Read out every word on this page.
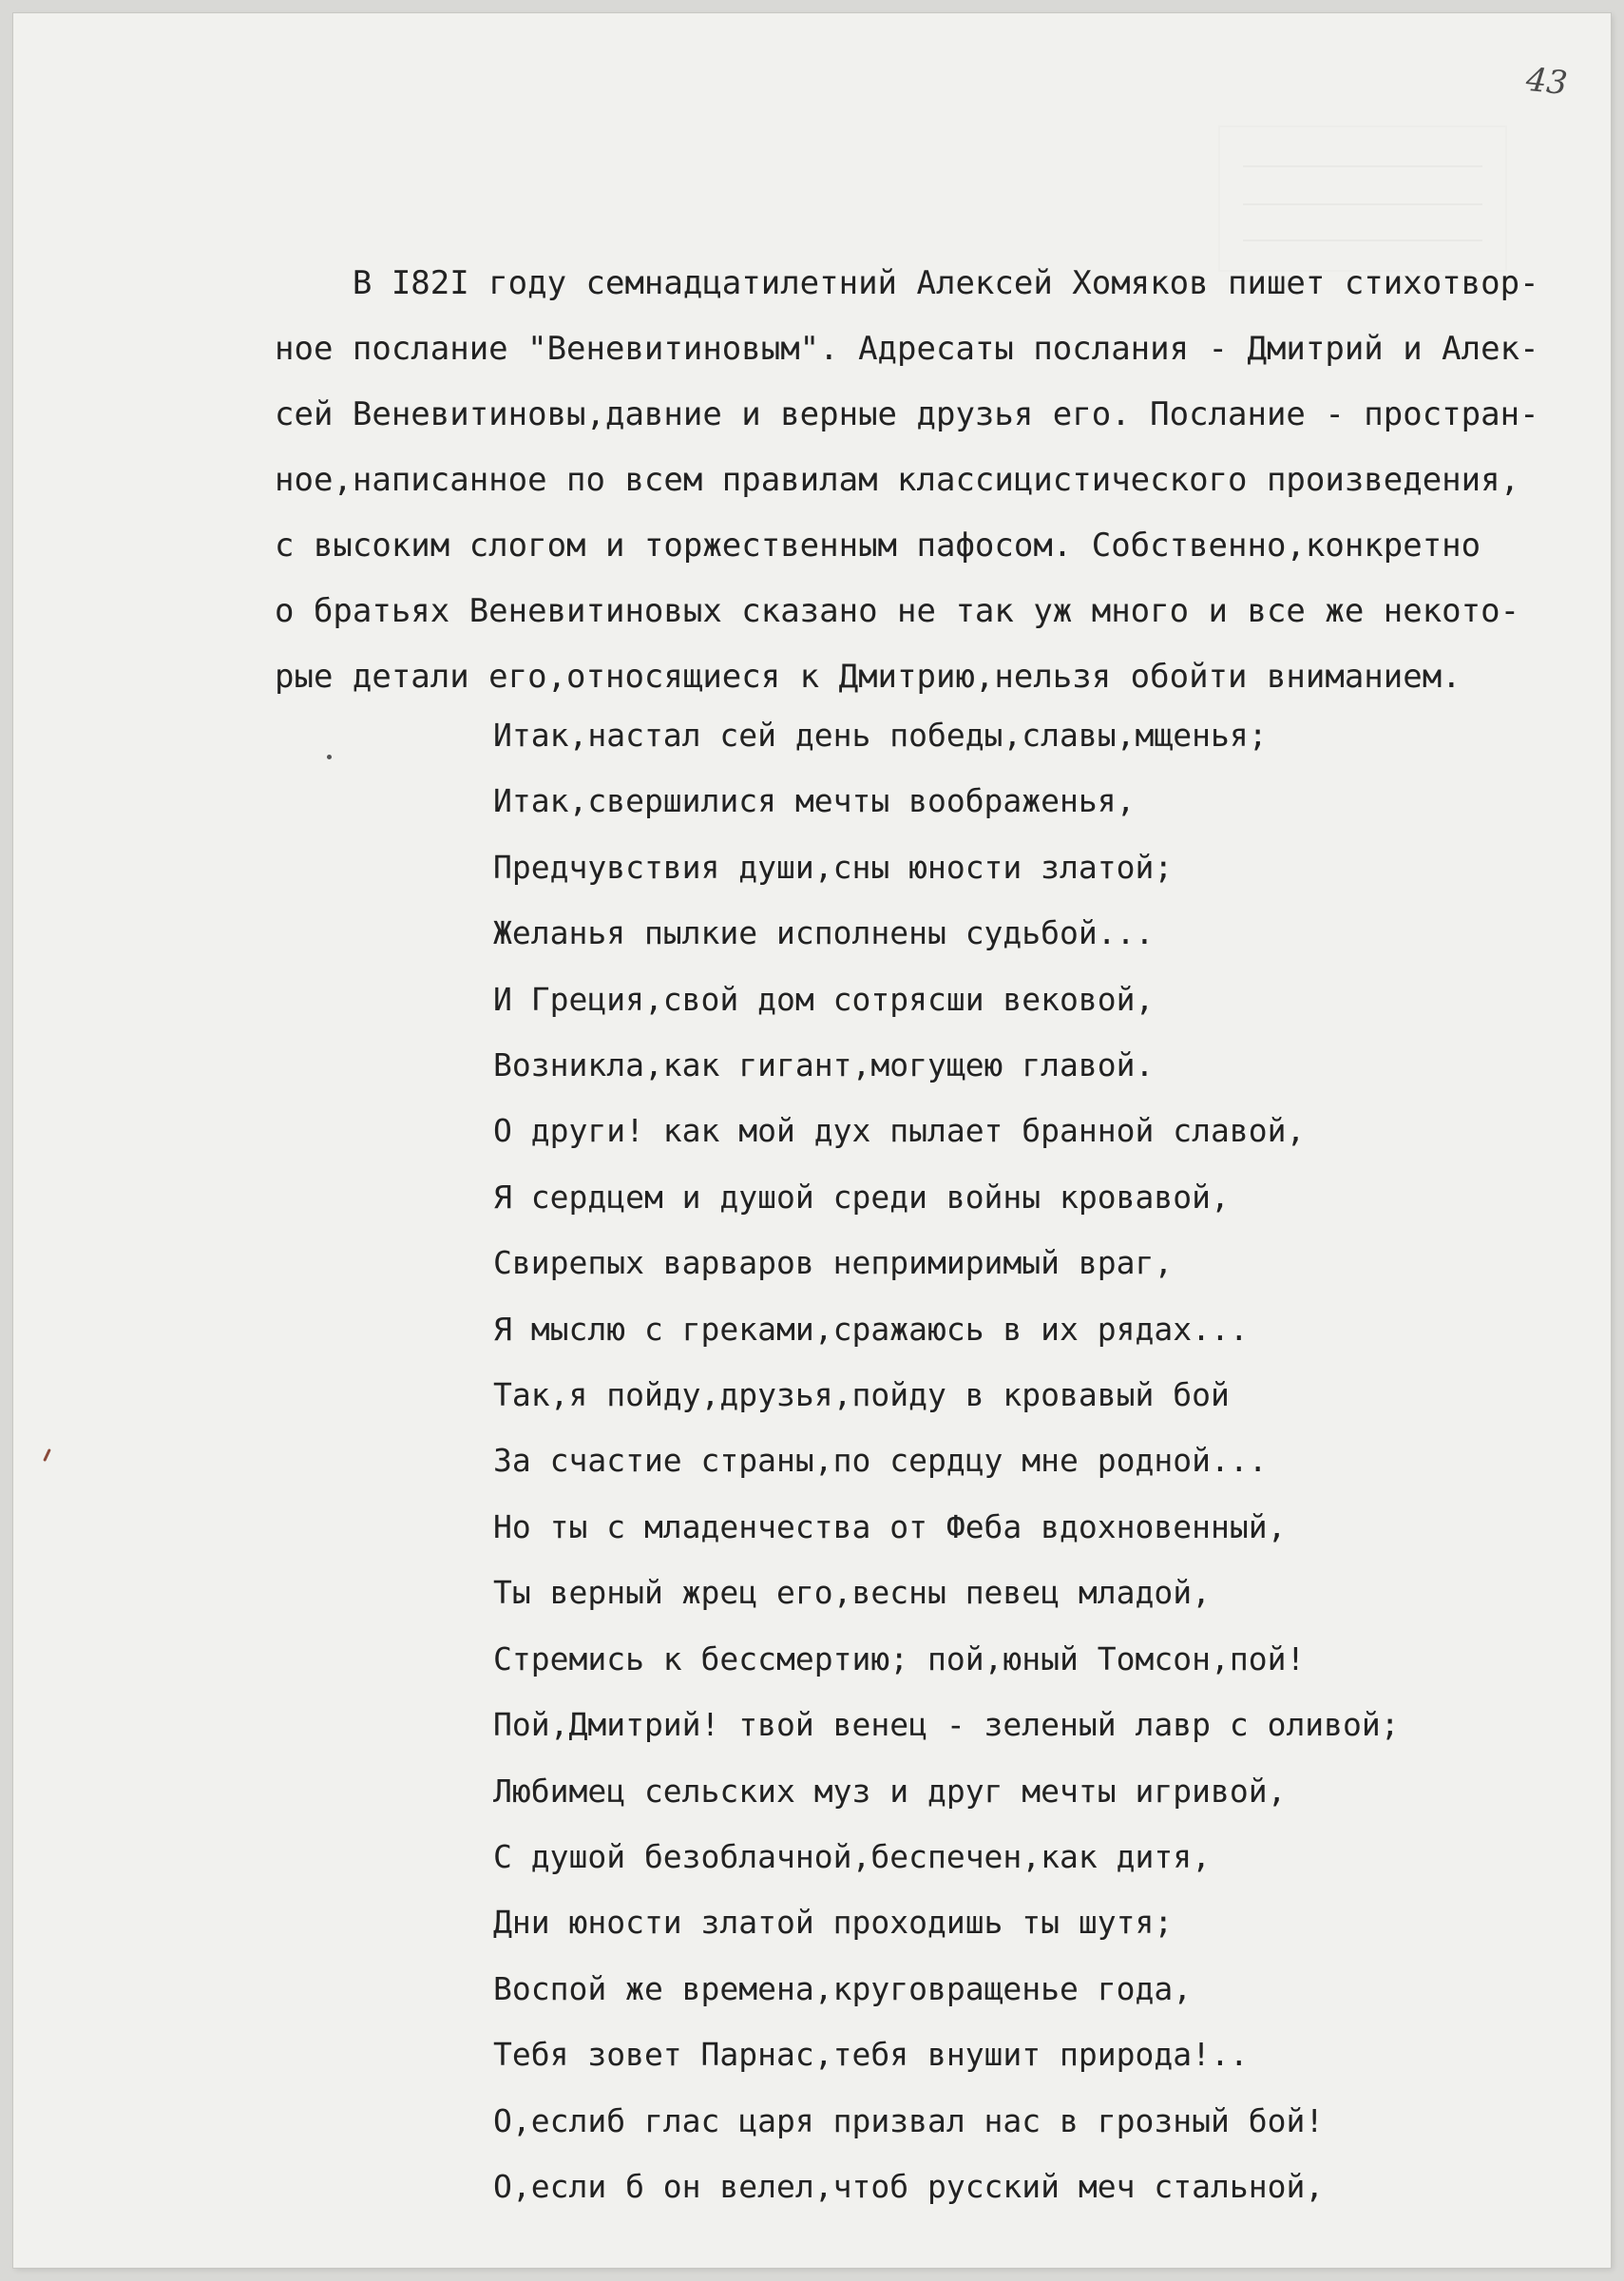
43
В I82I году семнадцатилетний Алексей Хомяков пишет стихотвор-
ное послание "Веневитиновым". Адресаты послания - Дмитрий и Алек-
сей Веневитиновы,давние и верные друзья его. Послание - простран-
ное,написанное по всем правилам классицистического произведения,
с высоким слогом и торжественным пафосом. Собственно,конкретно
о братьях Веневитиновых сказано не так уж много и все же некото-
рые детали его,относящиеся к Дмитрию,нельзя обойти вниманием.
Итак,настал сей день победы,славы,мщенья;
Итак,свершилися мечты воображенья,
Предчувствия души,сны юности златой;
Желанья пылкие исполнены судьбой...
И Греция,свой дом сотрясши вековой,
Возникла,как гигант,могущею главой.
О други! как мой дух пылает бранной славой,
Я сердцем и душой среди войны кровавой,
Свирепых варваров непримиримый враг,
Я мыслю с греками,сражаюсь в их рядах...
Так,я пойду,друзья,пойду в кровавый бой
За счастие страны,по сердцу мне родной...
Но ты с младенчества от Феба вдохновенный,
Ты верный жрец его,весны певец младой,
Стремись к бессмертию; пой,юный Томсон,пой!
Пой,Дмитрий! твой венец - зеленый лавр с оливой;
Любимец сельских муз и друг мечты игривой,
С душой безоблачной,беспечен,как дитя,
Дни юности златой проходишь ты шутя;
Воспой же времена,круговращенье года,
Тебя зовет Парнас,тебя внушит природа!..
О,еслиб глас царя призвал нас в грозный бой!
О,если б он велел,чтоб русский меч стальной,
